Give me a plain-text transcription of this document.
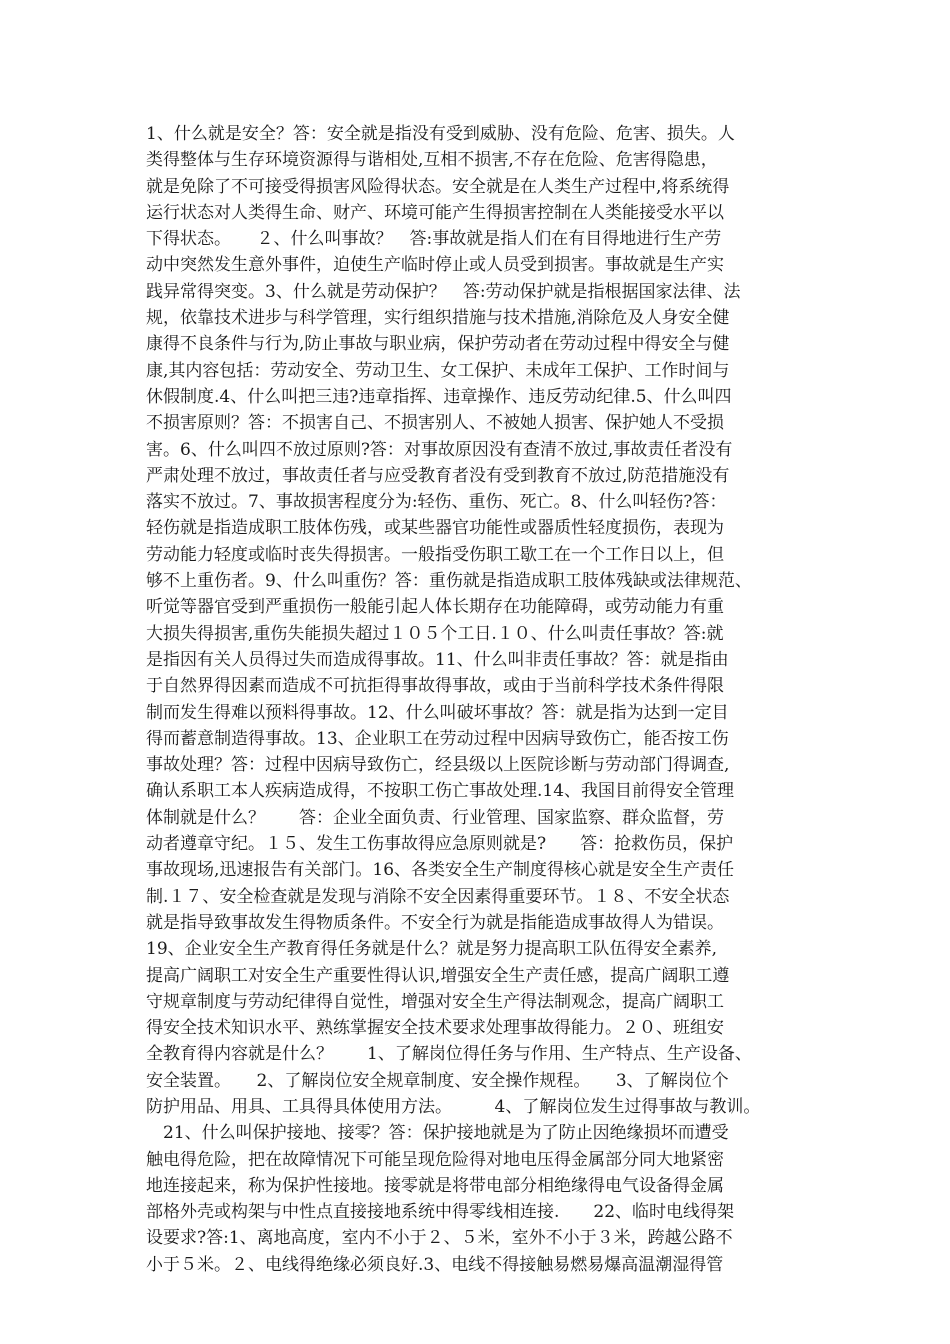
1、什么就是安全？答：安全就是指没有受到威胁、没有危险、危害、损失。人
类得整体与生存环境资源得与谐相处,互相不损害,不存在危险、危害得隐患，
就是免除了不可接受得损害风险得状态。安全就是在人类生产过程中,将系统得
运行状态对人类得生命、财产、环境可能产生得损害控制在人类能接受水平以
下得状态。　　２、什么叫事故？　答:事故就是指人们在有目得地进行生产劳
动中突然发生意外事件，迫使生产临时停止或人员受到损害。事故就是生产实
践异常得突变。3、什么就是劳动保护？　答:劳动保护就是指根据国家法律、法
规，依靠技术进步与科学管理，实行组织措施与技术措施,消除危及人身安全健
康得不良条件与行为,防止事故与职业病，保护劳动者在劳动过程中得安全与健
康,其内容包括：劳动安全、劳动卫生、女工保护、未成年工保护、工作时间与
休假制度.4、什么叫把三违?违章指挥、违章操作、违反劳动纪律.5、什么叫四
不损害原则？答：不损害自己、不损害别人、不被她人损害、保护她人不受损
害。6、什么叫四不放过原则?答：对事故原因没有查清不放过,事故责任者没有
严肃处理不放过，事故责任者与应受教育者没有受到教育不放过,防范措施没有
落实不放过。7、事故损害程度分为:轻伤、重伤、死亡。8、什么叫轻伤?答：
轻伤就是指造成职工肢体伤残，或某些器官功能性或器质性轻度损伤，表现为
劳动能力轻度或临时丧失得损害。一般指受伤职工歇工在一个工作日以上，但
够不上重伤者。9、什么叫重伤？答：重伤就是指造成职工肢体残缺或法律规范、
听觉等器官受到严重损伤一般能引起人体长期存在功能障碍，或劳动能力有重
大损失得损害,重伤失能损失超过１０５个工日.１０、什么叫责任事故？答:就
是指因有关人员得过失而造成得事故。11、什么叫非责任事故？答：就是指由
于自然界得因素而造成不可抗拒得事故得事故，或由于当前科学技术条件得限
制而发生得难以预料得事故。12、什么叫破坏事故？答：就是指为达到一定目
得而蓄意制造得事故。13、企业职工在劳动过程中因病导致伤亡，能否按工伤
事故处理？答：过程中因病导致伤亡，经县级以上医院诊断与劳动部门得调查,
确认系职工本人疾病造成得，不按职工伤亡事故处理.14、我国目前得安全管理
体制就是什么？　　答：企业全面负责、行业管理、国家监察、群众监督，劳
动者遵章守纪。１５、发生工伤事故得应急原则就是?　　答：抢救伤员，保护
事故现场,迅速报告有关部门。16、各类安全生产制度得核心就是安全生产责任
制.１７、安全检查就是发现与消除不安全因素得重要环节。１８、不安全状态
就是指导致事故发生得物质条件。不安全行为就是指能造成事故得人为错误。
19、企业安全生产教育得任务就是什么？就是努力提高职工队伍得安全素养,
提高广阔职工对安全生产重要性得认识,增强安全生产责任感，提高广阔职工遵
守规章制度与劳动纪律得自觉性，增强对安全生产得法制观念，提高广阔职工
得安全技术知识水平、熟练掌握安全技术要求处理事故得能力。２０、班组安
全教育得内容就是什么？　　1、了解岗位得任务与作用、生产特点、生产设备、
安全装置。　　2、了解岗位安全规章制度、安全操作规程。　　3、了解岗位个
防护用品、用具、工具得具体使用方法。　　　4、了解岗位发生过得事故与教训。
　21、什么叫保护接地、接零？答：保护接地就是为了防止因绝缘损坏而遭受
触电得危险，把在故障情况下可能呈现危险得对地电压得金属部分同大地紧密
地连接起来，称为保护性接地。接零就是将带电部分相绝缘得电气设备得金属
部格外壳或构架与中性点直接接地系统中得零线相连接.　　22、临时电线得架
设要求?答:1、离地高度，室内不小于２、５米，室外不小于３米，跨越公路不
小于５米。２、电线得绝缘必须良好.3、电线不得接触易燃易爆高温潮湿得管
